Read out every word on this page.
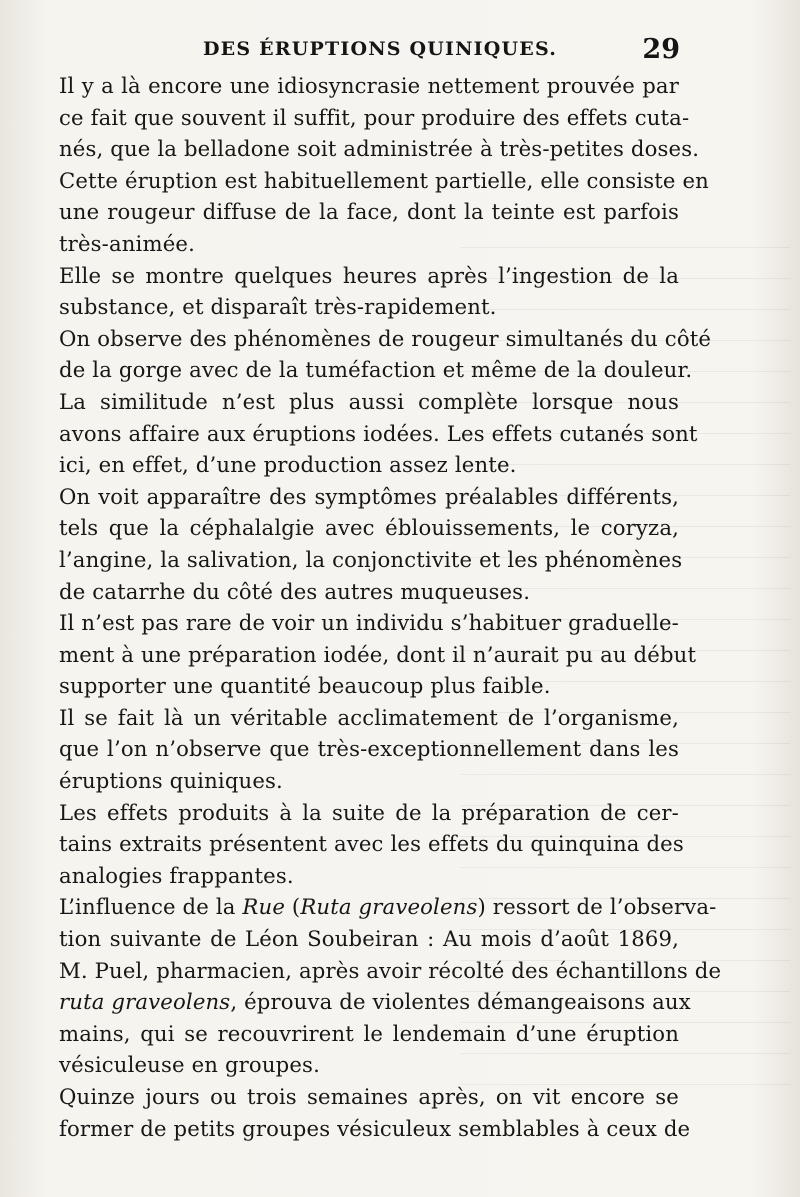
DES ÉRUPTIONS QUINIQUES.	29
Il y a là encore une idiosyncrasie nettement prouvée par
ce fait que souvent il suffit, pour produire des effets cuta-
nés, que la belladone soit administrée à très-petites doses.
Cette éruption est habituellement partielle, elle consiste en
une rougeur diffuse de la face, dont la teinte est parfois
très-animée.
Elle se montre quelques heures après l’ingestion de la
substance, et disparaît très-rapidement.
On observe des phénomènes de rougeur simultanés du côté
de la gorge avec de la tuméfaction et même de la douleur.
La similitude n’est plus aussi complète lorsque nous
avons affaire aux éruptions iodées. Les effets cutanés sont
ici, en effet, d’une production assez lente.
On voit apparaître des symptômes préalables différents,
tels que la céphalalgie avec éblouissements, le coryza,
l’angine, la salivation, la conjonctivite et les phénomènes
de catarrhe du côté des autres muqueuses.
Il n’est pas rare de voir un individu s’habituer graduelle-
ment à une préparation iodée, dont il n’aurait pu au début
supporter une quantité beaucoup plus faible.
Il se fait là un véritable acclimatement de l’organisme,
que l’on n’observe que très-exceptionnellement dans les
éruptions quiniques.
Les effets produits à la suite de la préparation de cer-
tains extraits présentent avec les effets du quinquina des
analogies frappantes.
L’influence de la Rue (Ruta graveolens) ressort de l’observa-
tion suivante de Léon Soubeiran : Au mois d’août 1869,
M. Puel, pharmacien, après avoir récolté des échantillons de
ruta graveolens, éprouva de violentes démangeaisons aux
mains, qui se recouvrirent le lendemain d’une éruption
vésiculeuse en groupes.
Quinze jours ou trois semaines après, on vit encore se
former de petits groupes vésiculeux semblables à ceux de
